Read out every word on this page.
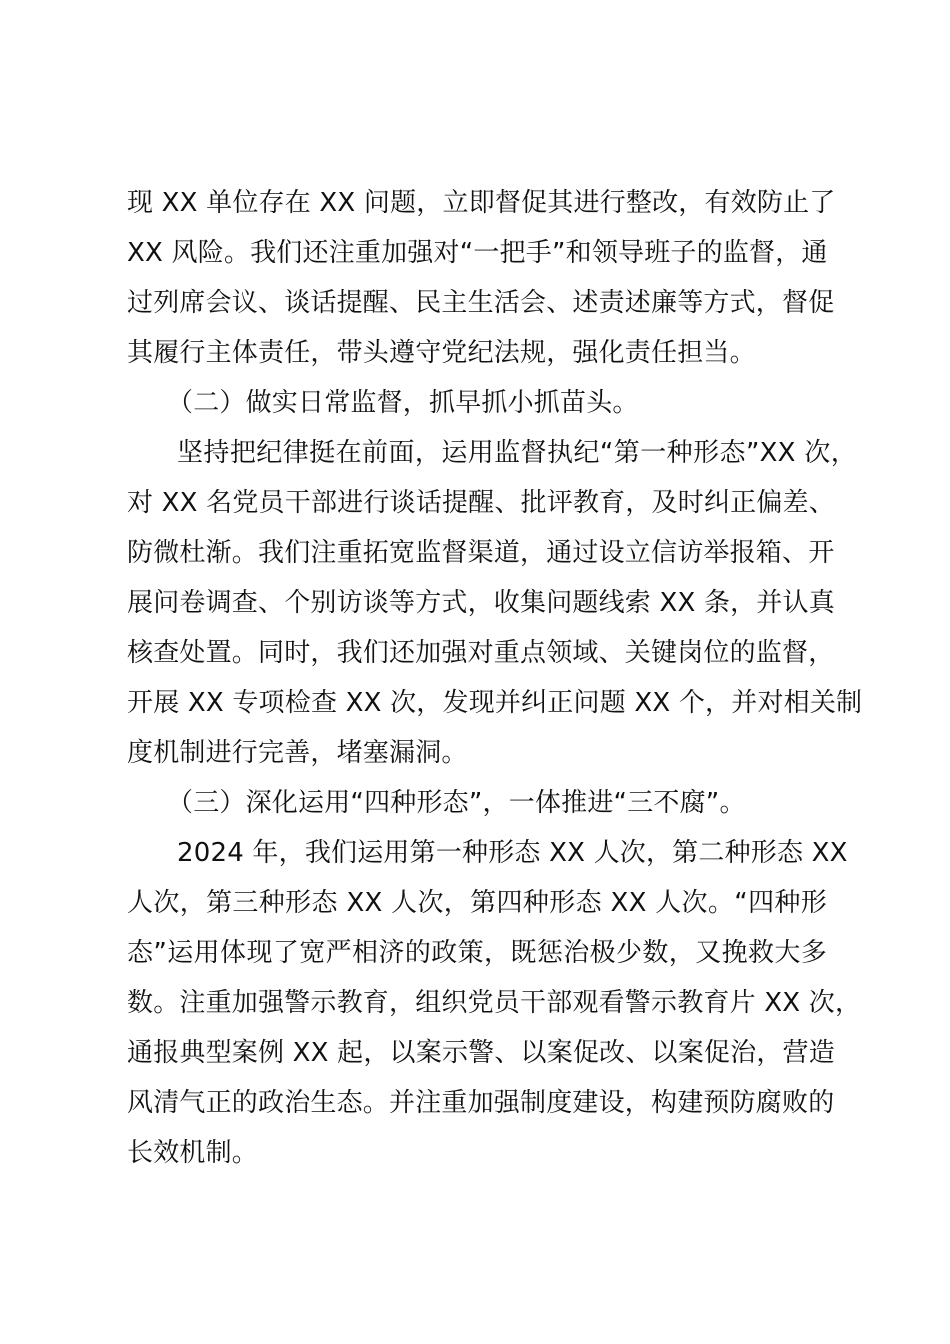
现 XX 单位存在 XX 问题，立即督促其进行整改，有效防止了
XX 风险。我们还注重加强对“一把手”和领导班子的监督，通
过列席会议、谈话提醒、民主生活会、述责述廉等方式，督促
其履行主体责任，带头遵守党纪法规，强化责任担当。
（二）做实日常监督，抓早抓小抓苗头。
坚持把纪律挺在前面，运用监督执纪“第一种形态”XX 次，
对 XX 名党员干部进行谈话提醒、批评教育，及时纠正偏差、
防微杜渐。我们注重拓宽监督渠道，通过设立信访举报箱、开
展问卷调查、个别访谈等方式，收集问题线索 XX 条，并认真
核查处置。同时，我们还加强对重点领域、关键岗位的监督，
开展 XX 专项检查 XX 次，发现并纠正问题 XX 个，并对相关制
度机制进行完善，堵塞漏洞。
（三）深化运用“四种形态”，一体推进“三不腐”。
2024 年，我们运用第一种形态 XX 人次，第二种形态 XX
人次，第三种形态 XX 人次，第四种形态 XX 人次。“四种形
态”运用体现了宽严相济的政策，既惩治极少数，又挽救大多
数。注重加强警示教育，组织党员干部观看警示教育片 XX 次，
通报典型案例 XX 起，以案示警、以案促改、以案促治，营造
风清气正的政治生态。并注重加强制度建设，构建预防腐败的
长效机制。
